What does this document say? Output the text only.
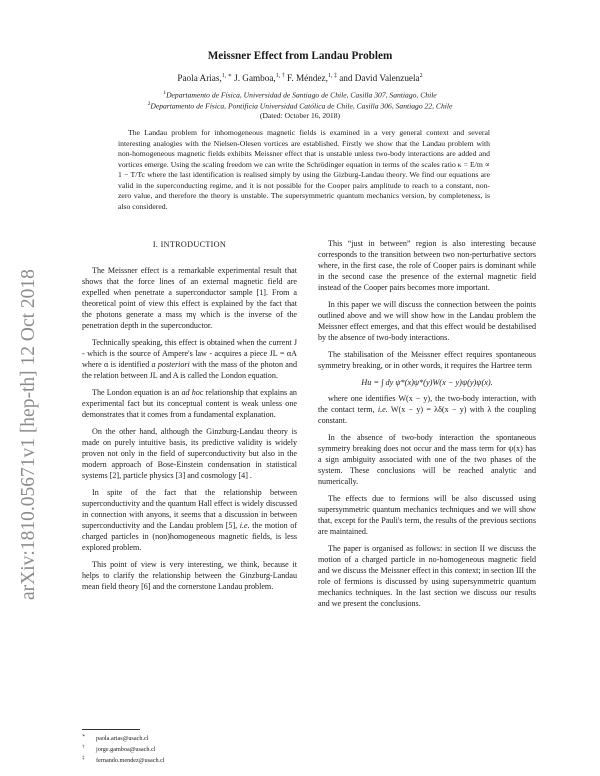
arXiv:1810.05671v1 [hep-th] 12 Oct 2018
Meissner Effect from Landau Problem
Paola Arias,$^{1, ∗}$ J. Gamboa,$^{1, \dagger}$ F. Méndez,$^{1, \ddagger}$ and David Valenzuela$^2$
$^1$Departamento de Física, Universidad de Santiago de Chile, Casilla 307, Santiago, Chile
$^2$Departamento de Física, Pontificia Universidad Católica de Chile, Casilla 306, Santiago 22, Chile
(Dated: October 16, 2018)
The Landau problem for inhomogeneous magnetic fields is examined in a very general context and several interesting analogies with the Nielsen-Olesen vortices are established. Firstly we show that the Landau problem with non-homogeneous magnetic fields exhibits Meissner effect that is unstable unless two-body interactions are added and vortices emerge. Using the scaling freedom we can write the Schrödinger equation in terms of the scales ratio κ = E/m ∝ 1 − T/Tc where the last identification is realised simply by using the Gizburg-Landau theory. We find our equations are valid in the superconducting regime, and it is not possible for the Cooper pairs amplitude to reach to a constant, non-zero value, and therefore the theory is unstable. The supersymmetric quantum mechanics version, by completeness, is also considered.
I. INTRODUCTION

The Meissner effect is a remarkable experimental result that shows that the force lines of an external magnetic field are expelled when penetrate a superconductor sample [1]. From a theoretical point of view this effect is explained by the fact that the photons generate a mass mγ which is the inverse of the penetration depth in the superconductor.

Technically speaking, this effect is obtained when the current J - which is the source of Ampere's law - acquires a piece JL = αA where α is identified a posteriori with the mass of the photon and the relation between JL and A is called the London equation.

The London equation is an ad hoc relationship that explains an experimental fact but its conceptual content is weak unless one demonstrates that it comes from a fundamental explanation.

On the other hand, although the Ginzburg-Landau theory is made on purely intuitive basis, its predictive validity is widely proven not only in the field of superconductivity but also in the modern approach of Bose-Einstein condensation in statistical systems [2], particle physics [3] and cosmology [4] .

In spite of the fact that the relationship between superconductivity and the quantum Hall effect is widely discussed in connection with anyons, it seems that a discussion in between superconductivity and the Landau problem [5], i.e. the motion of charged particles in (non)homogeneous magnetic fields, is less explored problem.

This point of view is very interesting, we think, because it helps to clarify the relationship between the Ginzburg-Landau mean field theory [6] and the cornerstone Landau problem.

This “just in between” region is also interesting because corresponds to the transition between two non-perturbative sectors where, in the first case, the role of Cooper pairs is dominant while in the second case the presence of the external magnetic field instead of the Cooper pairs becomes more important.

In this paper we will discuss the connection between the points outlined above and we will show how in the Landau problem the Meissner effect emerges, and that this effect would be destabilised by the absence of two-body interactions.

The stabilisation of the Meissner effect requires spontaneous symmetry breaking, or in other words, it requires the Hartree term

Hu = ∫ dy ψ*(x)ψ*(y)W(x − y)ψ(y)ψ(x).

where one identifies W(x − y), the two-body interaction, with the contact term, i.e. W(x − y) = λδ(x − y) with λ the coupling constant.

In the absence of two-body interaction the spontaneous symmetry breaking does not occur and the mass term for ψ(x) has a sign ambiguity associated with one of the two phases of the system. These conclusions will be reached analytic and numerically.

The effects due to fermions will be also discussed using supersymmetric quantum mechanics techniques and we will show that, except for the Pauli's term, the results of the previous sections are maintained.

The paper is organised as follows: in section II we discuss the motion of a charged particle in no-homogeneous magnetic field and we discuss the Meissner effect in this context; in section III the role of fermions is discussed by using supersymmetric quantum mechanics techniques. In the last section we discuss our results and we present the conclusions.

∗ paola.arias@usach.cl
† jorge.gamboa@usach.cl
‡ fernando.mendez@usach.cl
